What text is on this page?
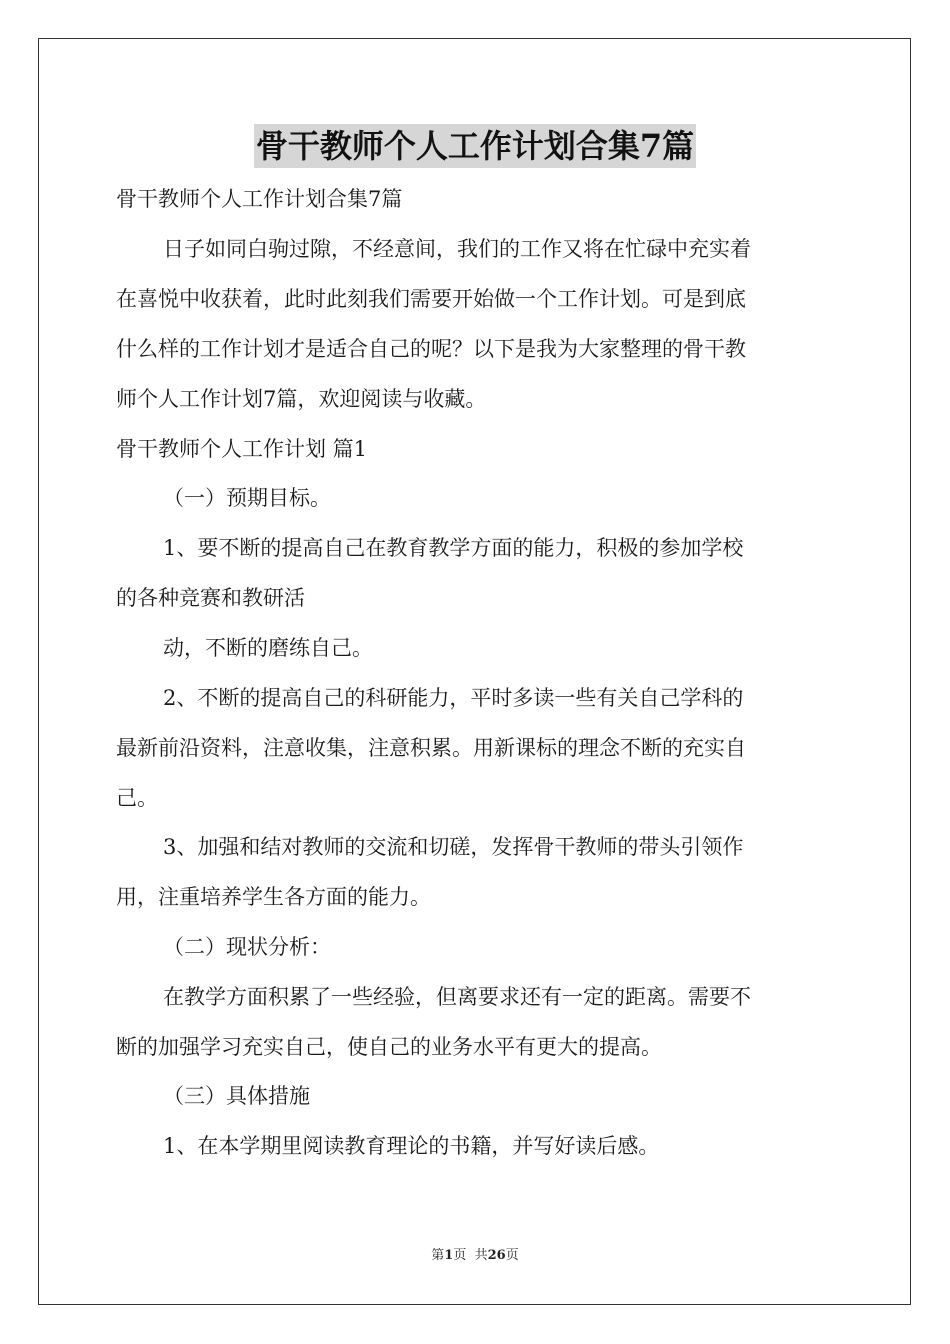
骨干教师个人工作计划合集7篇
骨干教师个人工作计划合集7篇
日子如同白驹过隙，不经意间，我们的工作又将在忙碌中充实着
在喜悦中收获着，此时此刻我们需要开始做一个工作计划。可是到底
什么样的工作计划才是适合自己的呢？以下是我为大家整理的骨干教
师个人工作计划7篇，欢迎阅读与收藏。
骨干教师个人工作计划 篇1
（一）预期目标。
1、要不断的提高自己在教育教学方面的能力，积极的参加学校
的各种竞赛和教研活
动，不断的磨练自己。
2、不断的提高自己的科研能力，平时多读一些有关自己学科的
最新前沿资料，注意收集，注意积累。用新课标的理念不断的充实自
己。
3、加强和结对教师的交流和切磋，发挥骨干教师的带头引领作
用，注重培养学生各方面的能力。
（二）现状分析：
在教学方面积累了一些经验，但离要求还有一定的距离。需要不
断的加强学习充实自己，使自己的业务水平有更大的提高。
（三）具体措施
1、在本学期里阅读教育理论的书籍，并写好读后感。
第1页  共26页
